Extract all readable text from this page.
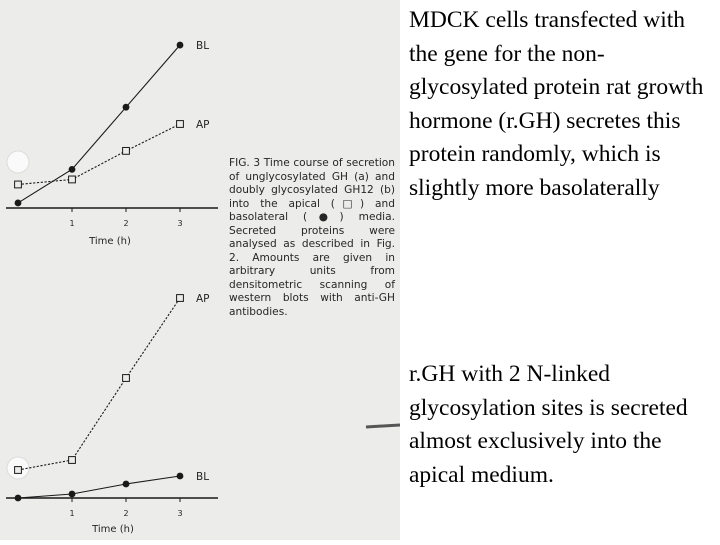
1	2	3
Time (h)
BL
AP
1	2	3
Time (h)
AP
BL
FIG. 3 Time course of secretion of unglycosylated GH (a) and doubly glycosylated GH12 (b) into the apical (□) and basolateral (●) media. Secreted proteins were analysed as described in Fig. 2. Amounts are given in arbitrary units from densitometric scanning of western blots with anti-GH antibodies.

MDCK cells transfected with the gene for the non-glycosylated protein rat growth hormone (r.GH) secretes this protein randomly, which is slightly more basolaterally

r.GH with 2 N-linked glycosylation sites is secreted almost exclusively into the apical medium.
